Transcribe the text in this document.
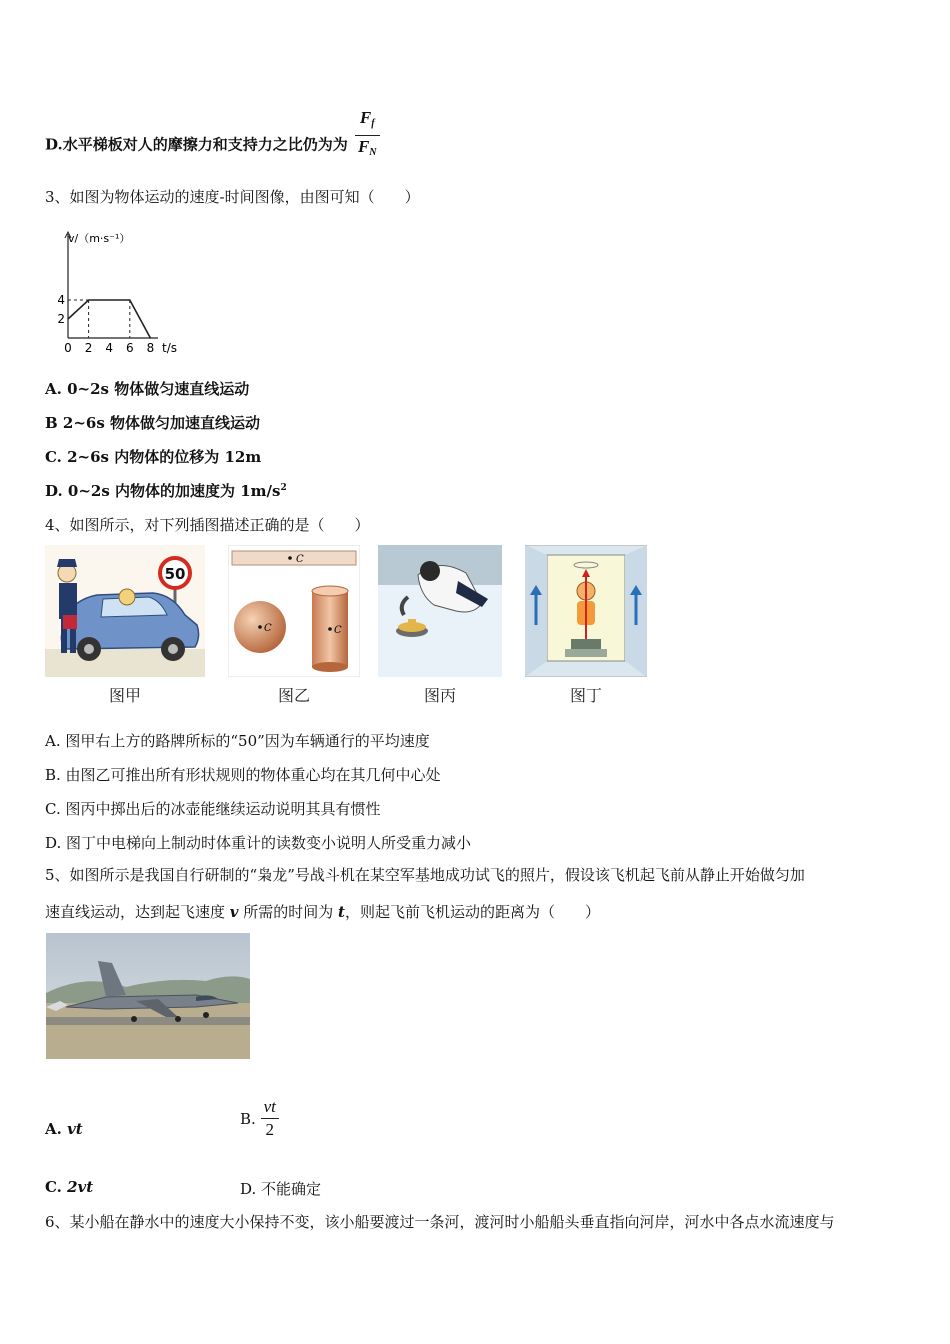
D.水平梯板对人的摩擦力和支持力之比仍为为 $\frac{F_f}{F_N}$
3、如图为物体运动的速度-时间图像，由图可知（　　）
0 2 4 6 8
2
4
v/（m·s⁻¹）
t/s
A. 0~2s 物体做匀速直线运动
B 2~6s 物体做匀加速直线运动
C. 2~6s 内物体的位移为 12m
D. 0~2s 内物体的加速度为 $1m/s^2$
4、如图所示，对下列插图描述正确的是（　　）
50
图甲
C
C	C
图乙	图丙	图丁
A. 图甲右上方的路牌所标的“50”因为车辆通行的平均速度
B. 由图乙可推出所有形状规则的物体重心均在其几何中心处
C. 图丙中掷出后的冰壶能继续运动说明其具有惯性
D. 图丁中电梯向上制动时体重计的读数变小说明人所受重力减小
5、如图所示是我国自行研制的“枭龙”号战斗机在某空军基地成功试飞的照片，假设该飞机起飞前从静止开始做匀加
速直线运动，达到起飞速度 v 所需的时间为 t，则起飞前飞机运动的距离为（　　）
A. vt
B. $\frac{vt}{2}$
C. 2vt	D. 不能确定
6、某小船在静水中的速度大小保持不变，该小船要渡过一条河，渡河时小船船头垂直指向河岸，河水中各点水流速度与
